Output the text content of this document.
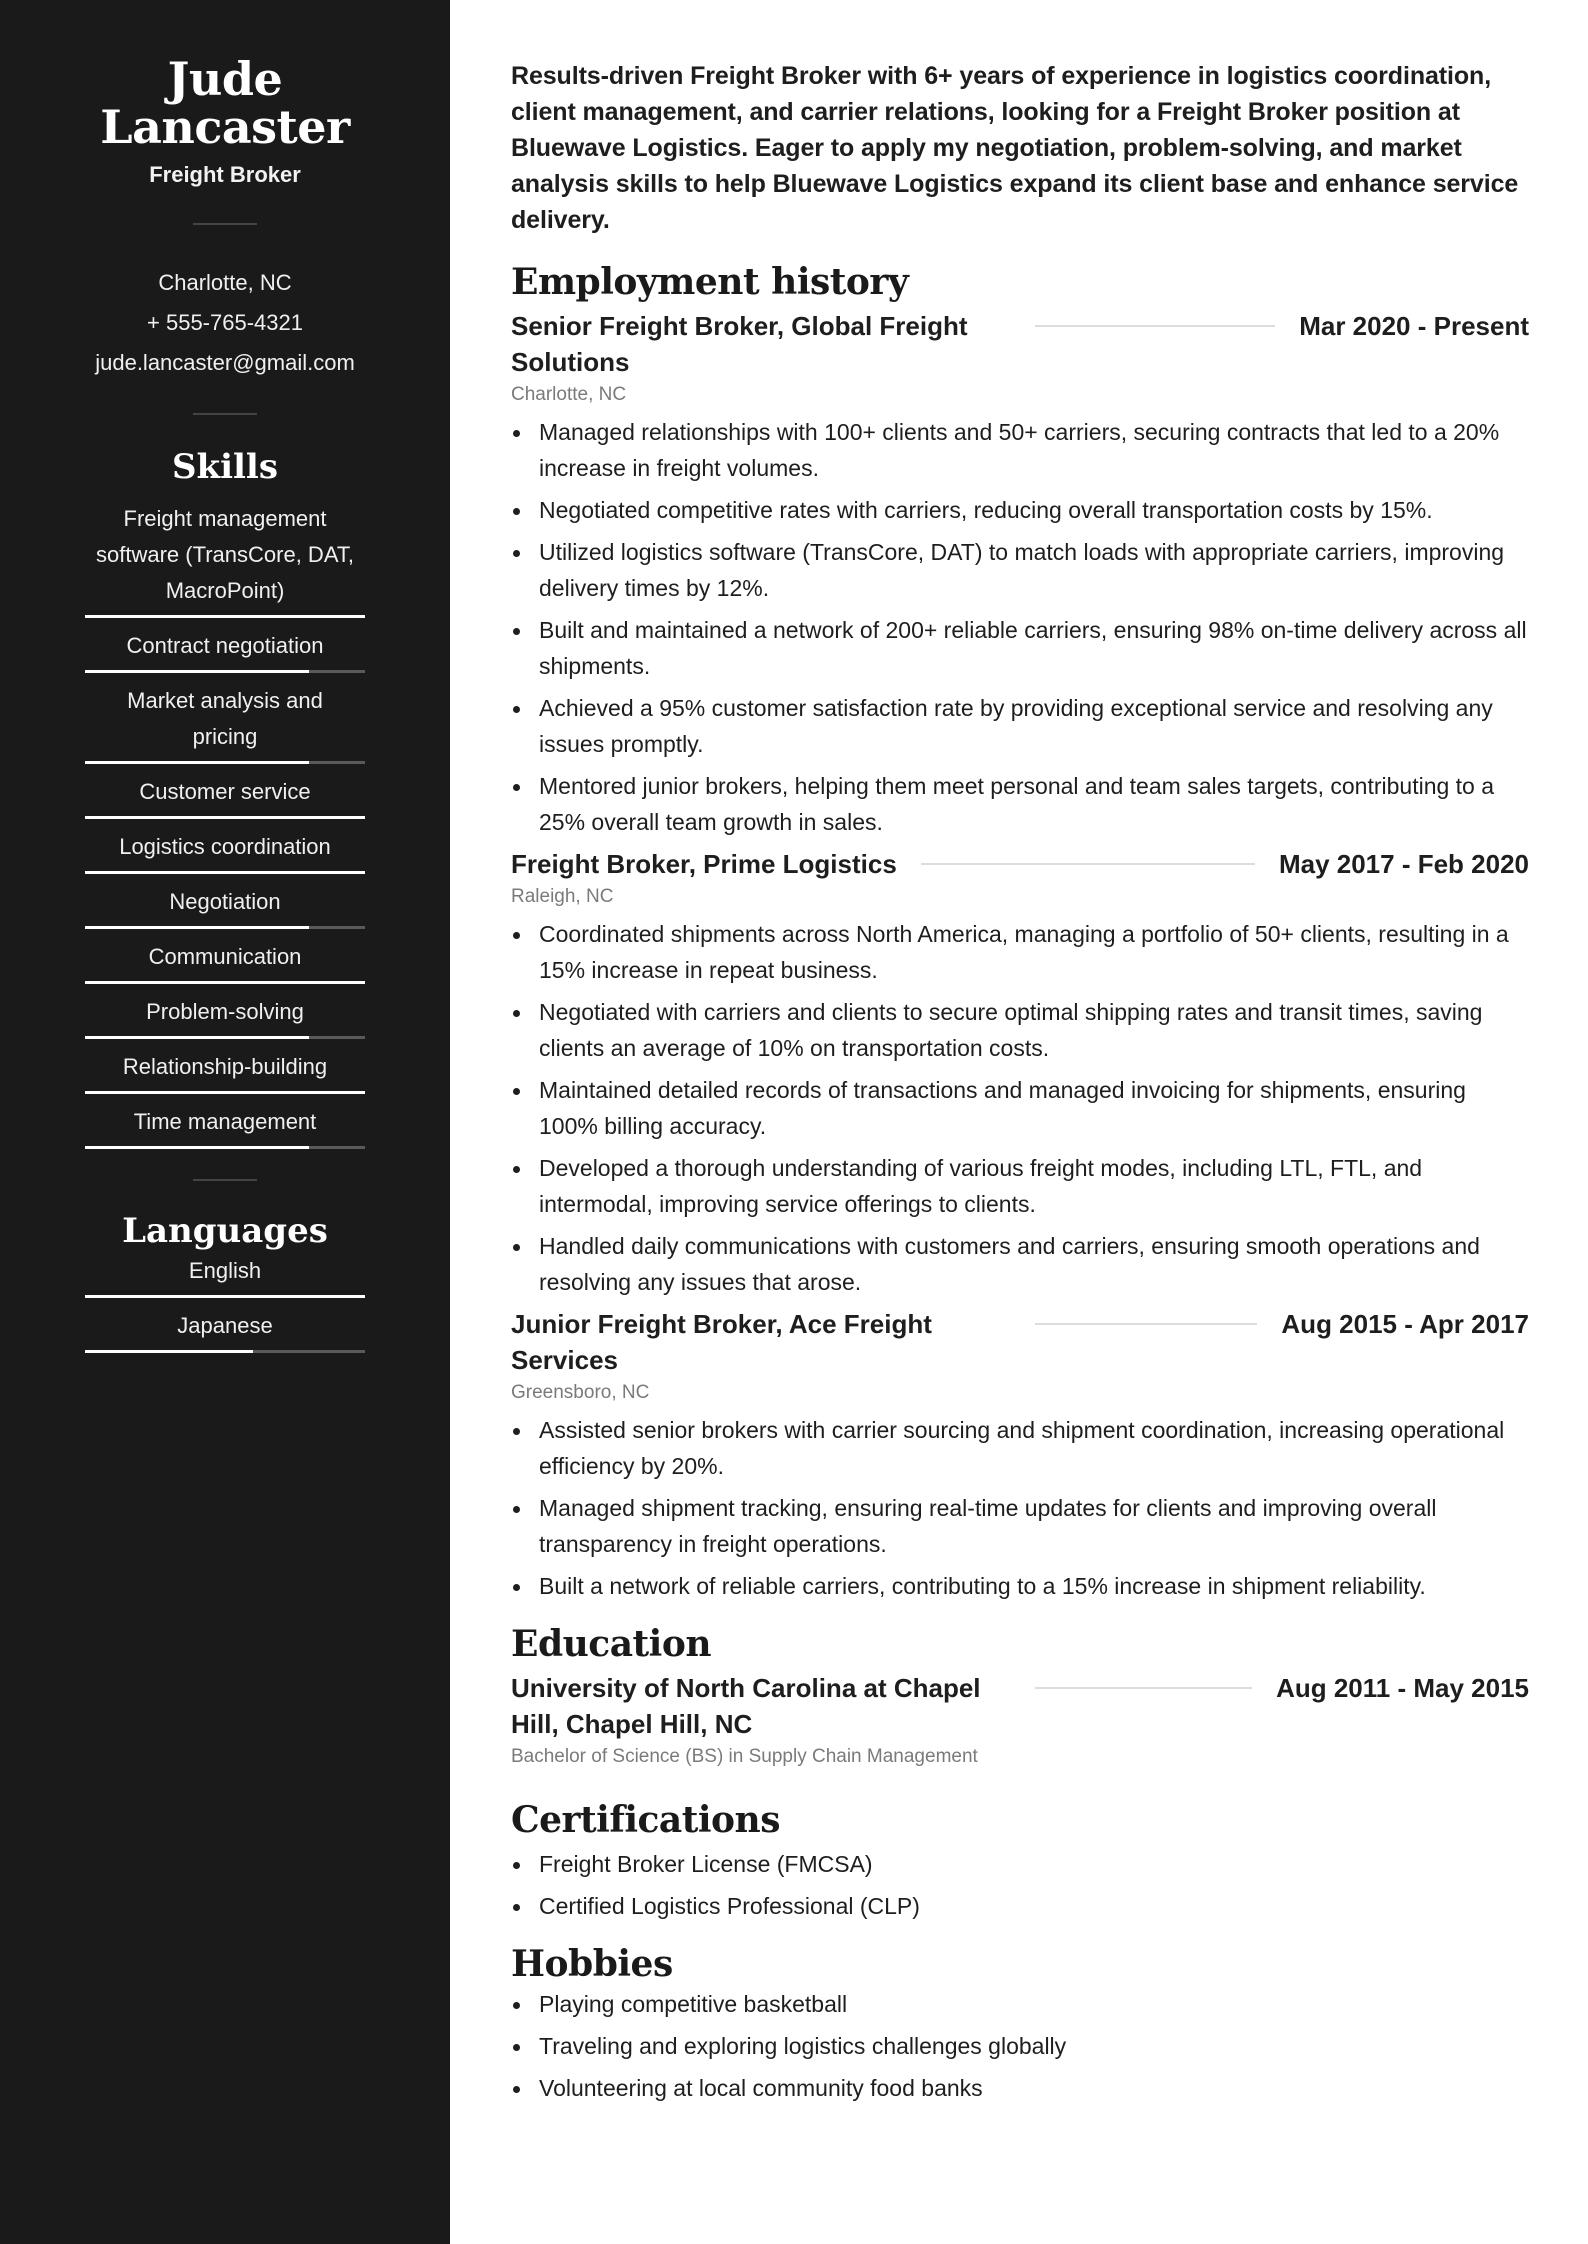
Jude
Lancaster
Freight Broker
Charlotte, NC
+ 555-765-4321
jude.lancaster@gmail.com
Skills
Freight management software (TransCore, DAT, MacroPoint)
Contract negotiation
Market analysis and pricing
Customer service
Logistics coordination
Negotiation
Communication
Problem-solving
Relationship-building
Time management
Languages
English
Japanese

Results-driven Freight Broker with 6+ years of experience in logistics coordination, client management, and carrier relations, looking for a Freight Broker position at Bluewave Logistics. Eager to apply my negotiation, problem-solving, and market analysis skills to help Bluewave Logistics expand its client base and enhance service delivery.

Employment history
Senior Freight Broker, Global Freight Solutions
Mar 2020 - Present
Charlotte, NC
Managed relationships with 100+ clients and 50+ carriers, securing contracts that led to a 20% increase in freight volumes.
Negotiated competitive rates with carriers, reducing overall transportation costs by 15%.
Utilized logistics software (TransCore, DAT) to match loads with appropriate carriers, improving delivery times by 12%.
Built and maintained a network of 200+ reliable carriers, ensuring 98% on-time delivery across all shipments.
Achieved a 95% customer satisfaction rate by providing exceptional service and resolving any issues promptly.
Mentored junior brokers, helping them meet personal and team sales targets, contributing to a 25% overall team growth in sales.
Freight Broker, Prime Logistics	May 2017 - Feb 2020
Raleigh, NC
Coordinated shipments across North America, managing a portfolio of 50+ clients, resulting in a 15% increase in repeat business.
Negotiated with carriers and clients to secure optimal shipping rates and transit times, saving clients an average of 10% on transportation costs.
Maintained detailed records of transactions and managed invoicing for shipments, ensuring 100% billing accuracy.
Developed a thorough understanding of various freight modes, including LTL, FTL, and intermodal, improving service offerings to clients.
Handled daily communications with customers and carriers, ensuring smooth operations and resolving any issues that arose.
Junior Freight Broker, Ace Freight Services
Aug 2015 - Apr 2017
Greensboro, NC
Assisted senior brokers with carrier sourcing and shipment coordination, increasing operational efficiency by 20%.
Managed shipment tracking, ensuring real-time updates for clients and improving overall transparency in freight operations.
Built a network of reliable carriers, contributing to a 15% increase in shipment reliability.
Education
University of North Carolina at Chapel Hill, Chapel Hill, NC
Aug 2011 - May 2015
Bachelor of Science (BS) in Supply Chain Management
Certifications
Freight Broker License (FMCSA)
Certified Logistics Professional (CLP)
Hobbies
Playing competitive basketball
Traveling and exploring logistics challenges globally
Volunteering at local community food banks
